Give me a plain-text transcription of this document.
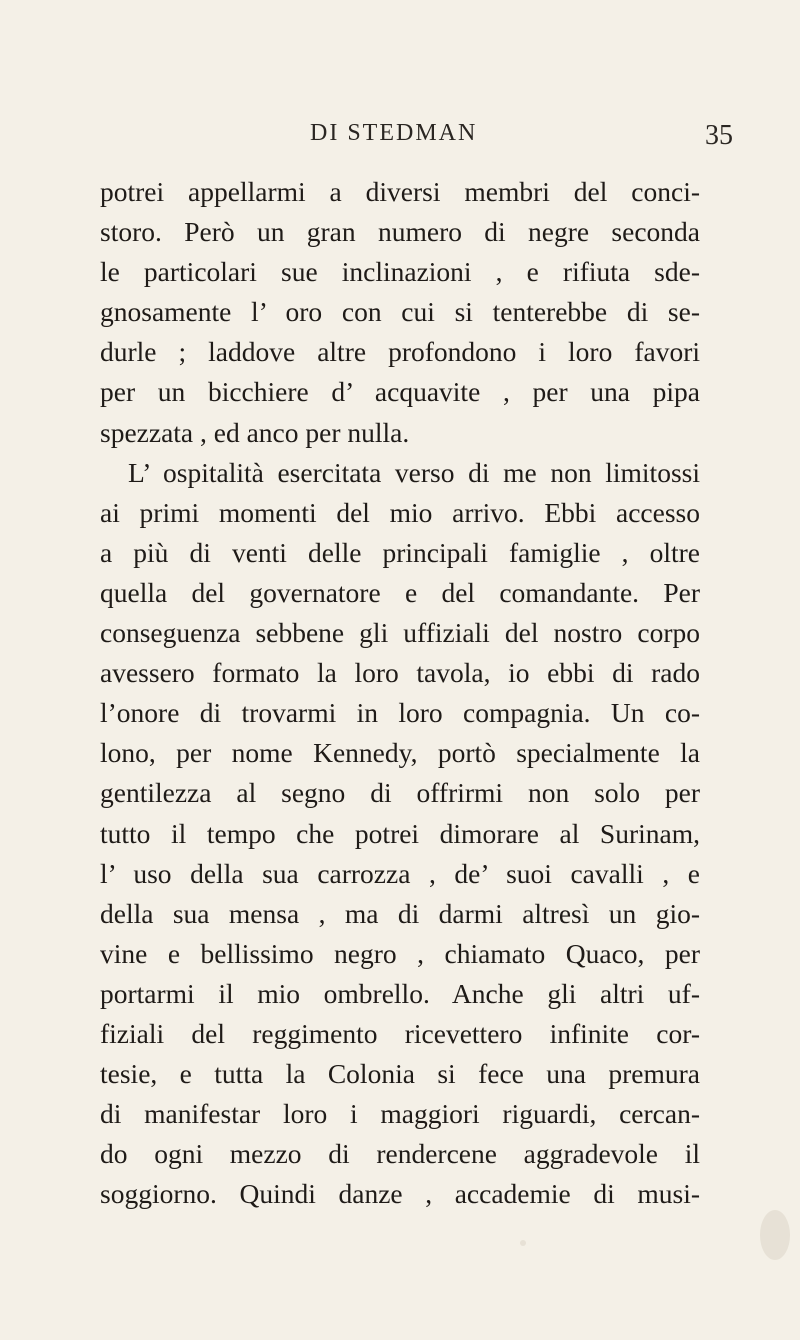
DI STEDMAN	35
potrei appellarmi a diversi membri del conci-
storo. Però un gran numero di negre seconda
le particolari sue inclinazioni , e rifiuta sde-
gnosamente l’ oro con cui si tenterebbe di se-
durle ; laddove altre profondono i loro favori
per un bicchiere d’ acquavite , per una pipa
spezzata , ed anco per nulla.
L’ ospitalità esercitata verso di me non limitossi
ai primi momenti del mio arrivo. Ebbi accesso
a più di venti delle principali famiglie , oltre
quella del governatore e del comandante. Per
conseguenza sebbene gli uffiziali del nostro corpo
avessero formato la loro tavola, io ebbi di rado
l’onore di trovarmi in loro compagnia. Un co-
lono, per nome Kennedy, portò specialmente la
gentilezza al segno di offrirmi non solo per
tutto il tempo che potrei dimorare al Surinam,
l’ uso della sua carrozza , de’ suoi cavalli , e
della sua mensa , ma di darmi altresì un gio-
vine e bellissimo negro , chiamato Quaco, per
portarmi il mio ombrello. Anche gli altri uf-
fiziali del reggimento ricevettero infinite cor-
tesie, e tutta la Colonia si fece una premura
di manifestar loro i maggiori riguardi, cercan-
do ogni mezzo di rendercene aggradevole il
soggiorno. Quindi danze , accademie di musi-
